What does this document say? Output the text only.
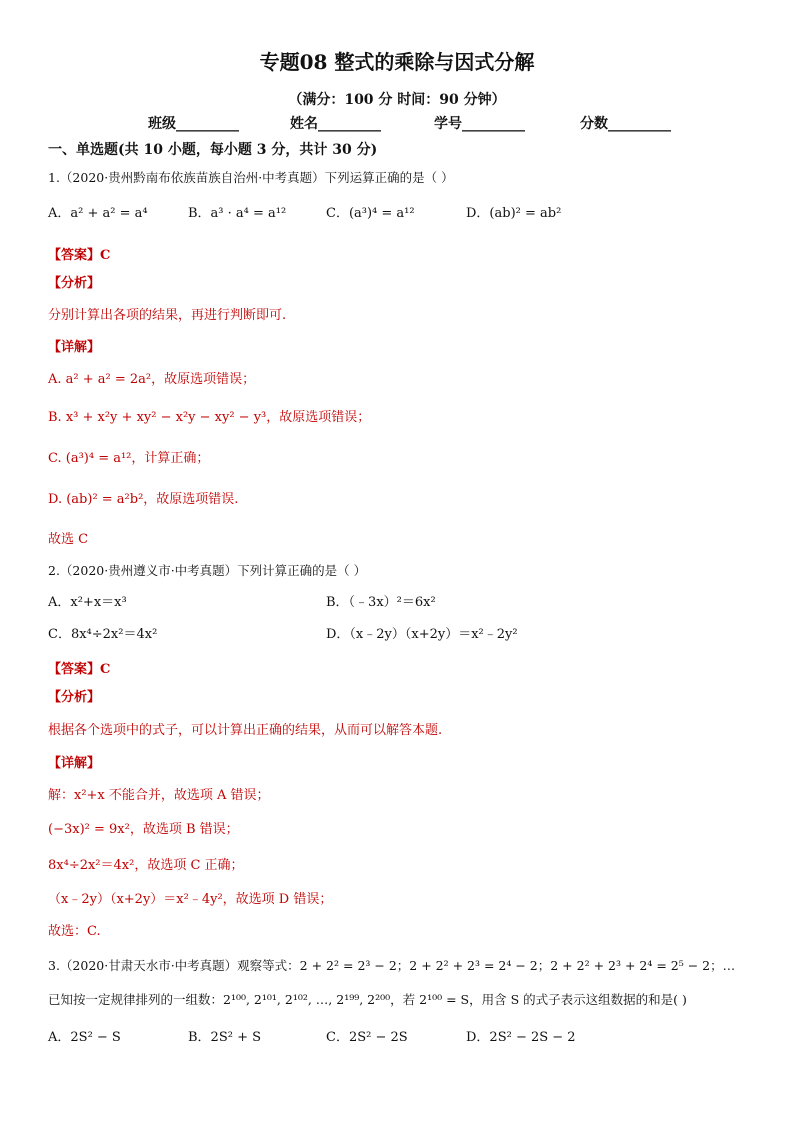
专题08 整式的乘除与因式分解
（满分：100 分 时间：90 分钟）
班级_________	姓名_________	学号_________	分数_________
一、单选题(共 10 小题，每小题 3 分，共计 30 分)
1.（2020·贵州黔南布依族苗族自治州·中考真题）下列运算正确的是（ ）
A．a² + a² = a⁴	B．a³ · a⁴ = a¹²	C．(a³)⁴ = a¹²	D．(ab)² = ab²
【答案】C
【分析】
分别计算出各项的结果，再进行判断即可.
【详解】
A. a² + a² = 2a²，故原选项错误；
B. x³ + x²y + xy² − x²y − xy² − y³，故原选项错误；
C. (a³)⁴ = a¹²，计算正确；
D. (ab)² = a²b²，故原选项错误.
故选 C
2.（2020·贵州遵义市·中考真题）下列计算正确的是（ ）
A．x²+x＝x³	B．（﹣3x）²＝6x²
C．8x⁴÷2x²＝4x²	D．（x﹣2y）（x+2y）＝x²﹣2y²
【答案】C
【分析】
根据各个选项中的式子，可以计算出正确的结果，从而可以解答本题.
【详解】
解：x²+x 不能合并，故选项 A 错误；
(−3x)² = 9x²，故选项 B 错误；
8x⁴÷2x²＝4x²，故选项 C 正确；
（x﹣2y）（x+2y）＝x²﹣4y²，故选项 D 错误；
故选：C.
3.（2020·甘肃天水市·中考真题）观察等式：2 + 2² = 2³ − 2；2 + 2² + 2³ = 2⁴ − 2；2 + 2² + 2³ + 2⁴ = 2⁵ − 2；…
已知按一定规律排列的一组数：2¹⁰⁰, 2¹⁰¹, 2¹⁰², …, 2¹⁹⁹, 2²⁰⁰，若 2¹⁰⁰ = S，用含 S 的式子表示这组数据的和是( )
A．2S² − S	B．2S² + S	C．2S² − 2S	D．2S² − 2S − 2
